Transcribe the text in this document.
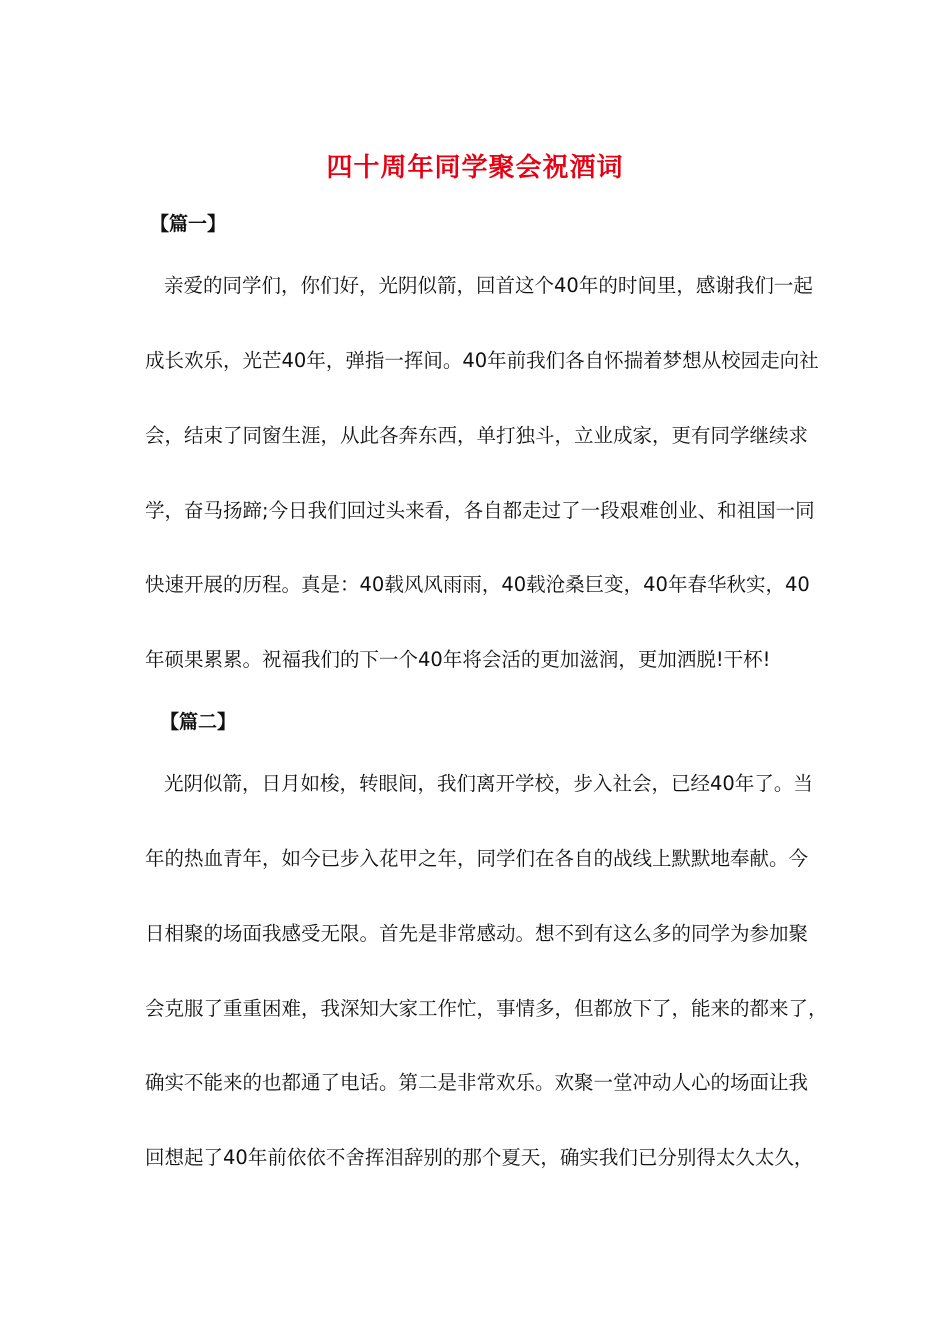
四十周年同学聚会祝酒词
【篇一】
亲爱的同学们，你们好，光阴似箭，回首这个40年的时间里，感谢我们一起
成长欢乐，光芒40年，弹指一挥间。40年前我们各自怀揣着梦想从校园走向社
会，结束了同窗生涯，从此各奔东西，单打独斗，立业成家，更有同学继续求
学，奋马扬蹄;今日我们回过头来看，各自都走过了一段艰难创业、和祖国一同
快速开展的历程。真是：40载风风雨雨，40载沧桑巨变，40年春华秋实，40
年硕果累累。祝福我们的下一个40年将会活的更加滋润，更加洒脱!干杯!
【篇二】
光阴似箭，日月如梭，转眼间，我们离开学校，步入社会，已经40年了。当
年的热血青年，如今已步入花甲之年，同学们在各自的战线上默默地奉献。今
日相聚的场面我感受无限。首先是非常感动。想不到有这么多的同学为参加聚
会克服了重重困难，我深知大家工作忙，事情多，但都放下了，能来的都来了，
确实不能来的也都通了电话。第二是非常欢乐。欢聚一堂冲动人心的场面让我
回想起了40年前依依不舍挥泪辞别的那个夏天，确实我们已分别得太久太久，
